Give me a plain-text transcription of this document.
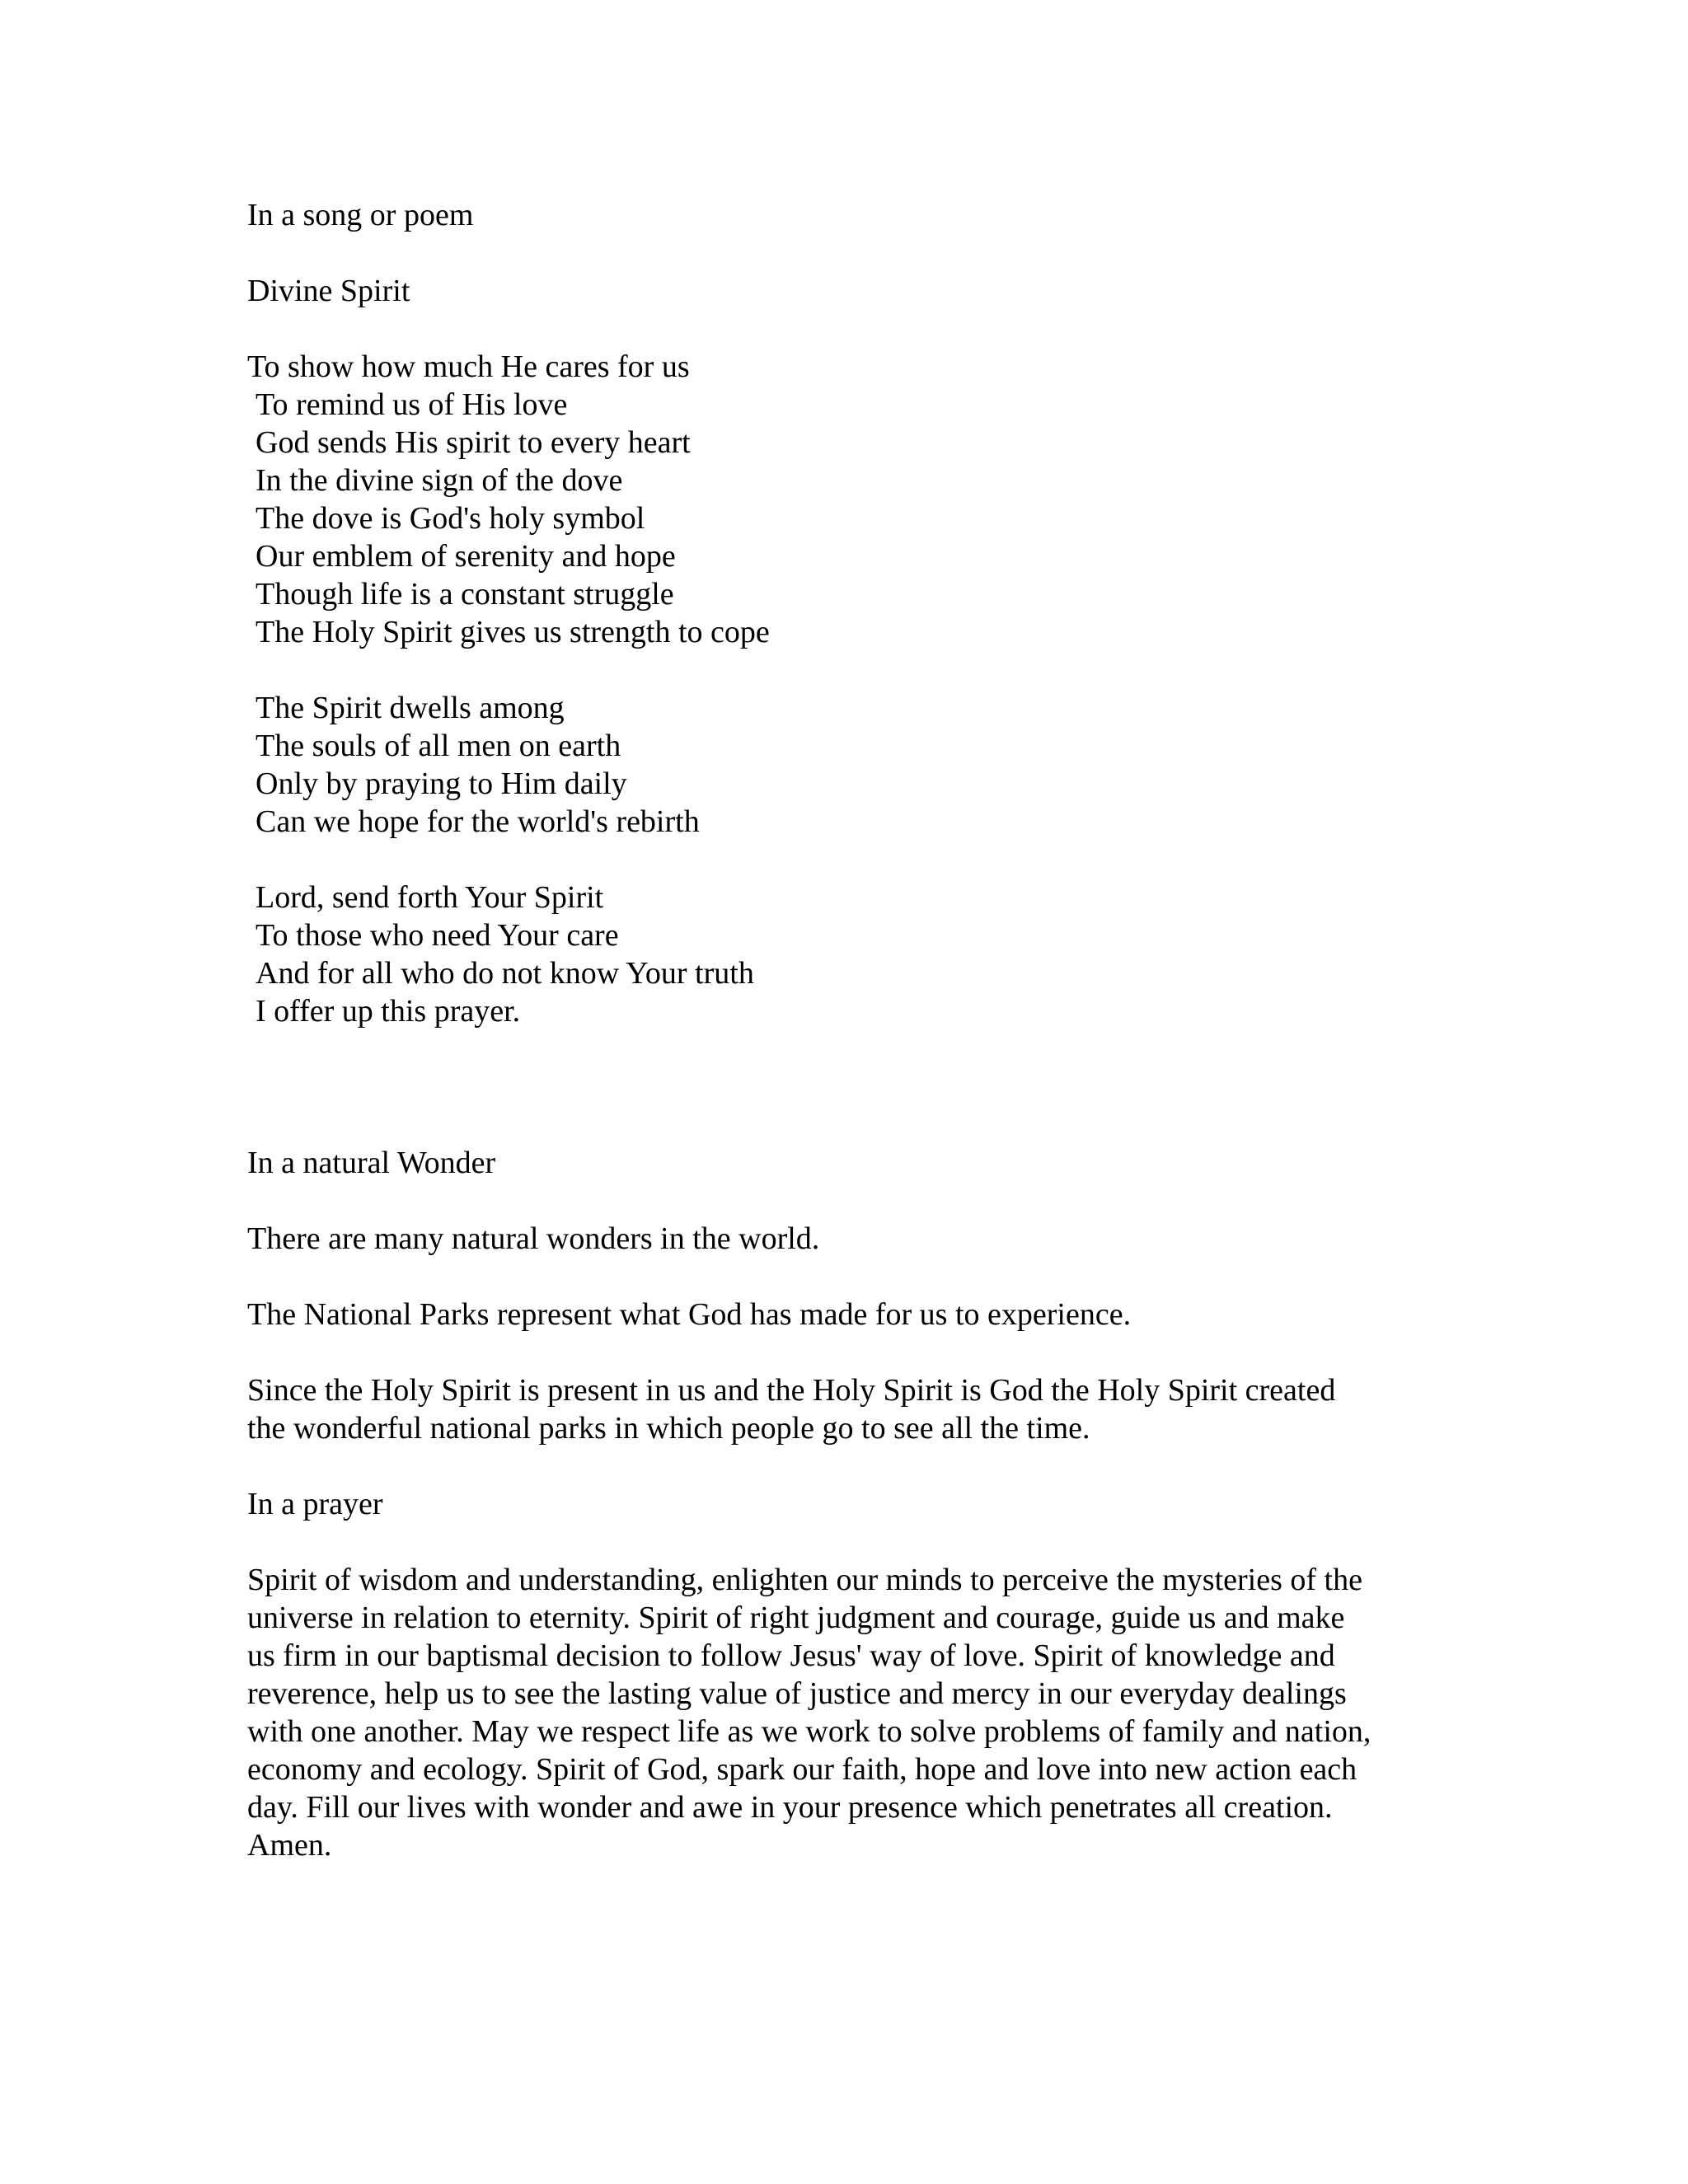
In a song or poem
Divine Spirit
To show how much He cares for us
To remind us of His love
God sends His spirit to every heart
In the divine sign of the dove
The dove is God's holy symbol
Our emblem of serenity and hope
Though life is a constant struggle
The Holy Spirit gives us strength to cope
The Spirit dwells among
The souls of all men on earth
Only by praying to Him daily
Can we hope for the world's rebirth
Lord, send forth Your Spirit
To those who need Your care
And for all who do not know Your truth
I offer up this prayer.
In a natural Wonder
There are many natural wonders in the world.
The National Parks represent what God has made for us to experience.
Since the Holy Spirit is present in us and the Holy Spirit is God the Holy Spirit created
the wonderful national parks in which people go to see all the time.
In a prayer
Spirit of wisdom and understanding, enlighten our minds to perceive the mysteries of the
universe in relation to eternity. Spirit of right judgment and courage, guide us and make
us firm in our baptismal decision to follow Jesus' way of love. Spirit of knowledge and
reverence, help us to see the lasting value of justice and mercy in our everyday dealings
with one another. May we respect life as we work to solve problems of family and nation,
economy and ecology. Spirit of God, spark our faith, hope and love into new action each
day. Fill our lives with wonder and awe in your presence which penetrates all creation.
Amen.
